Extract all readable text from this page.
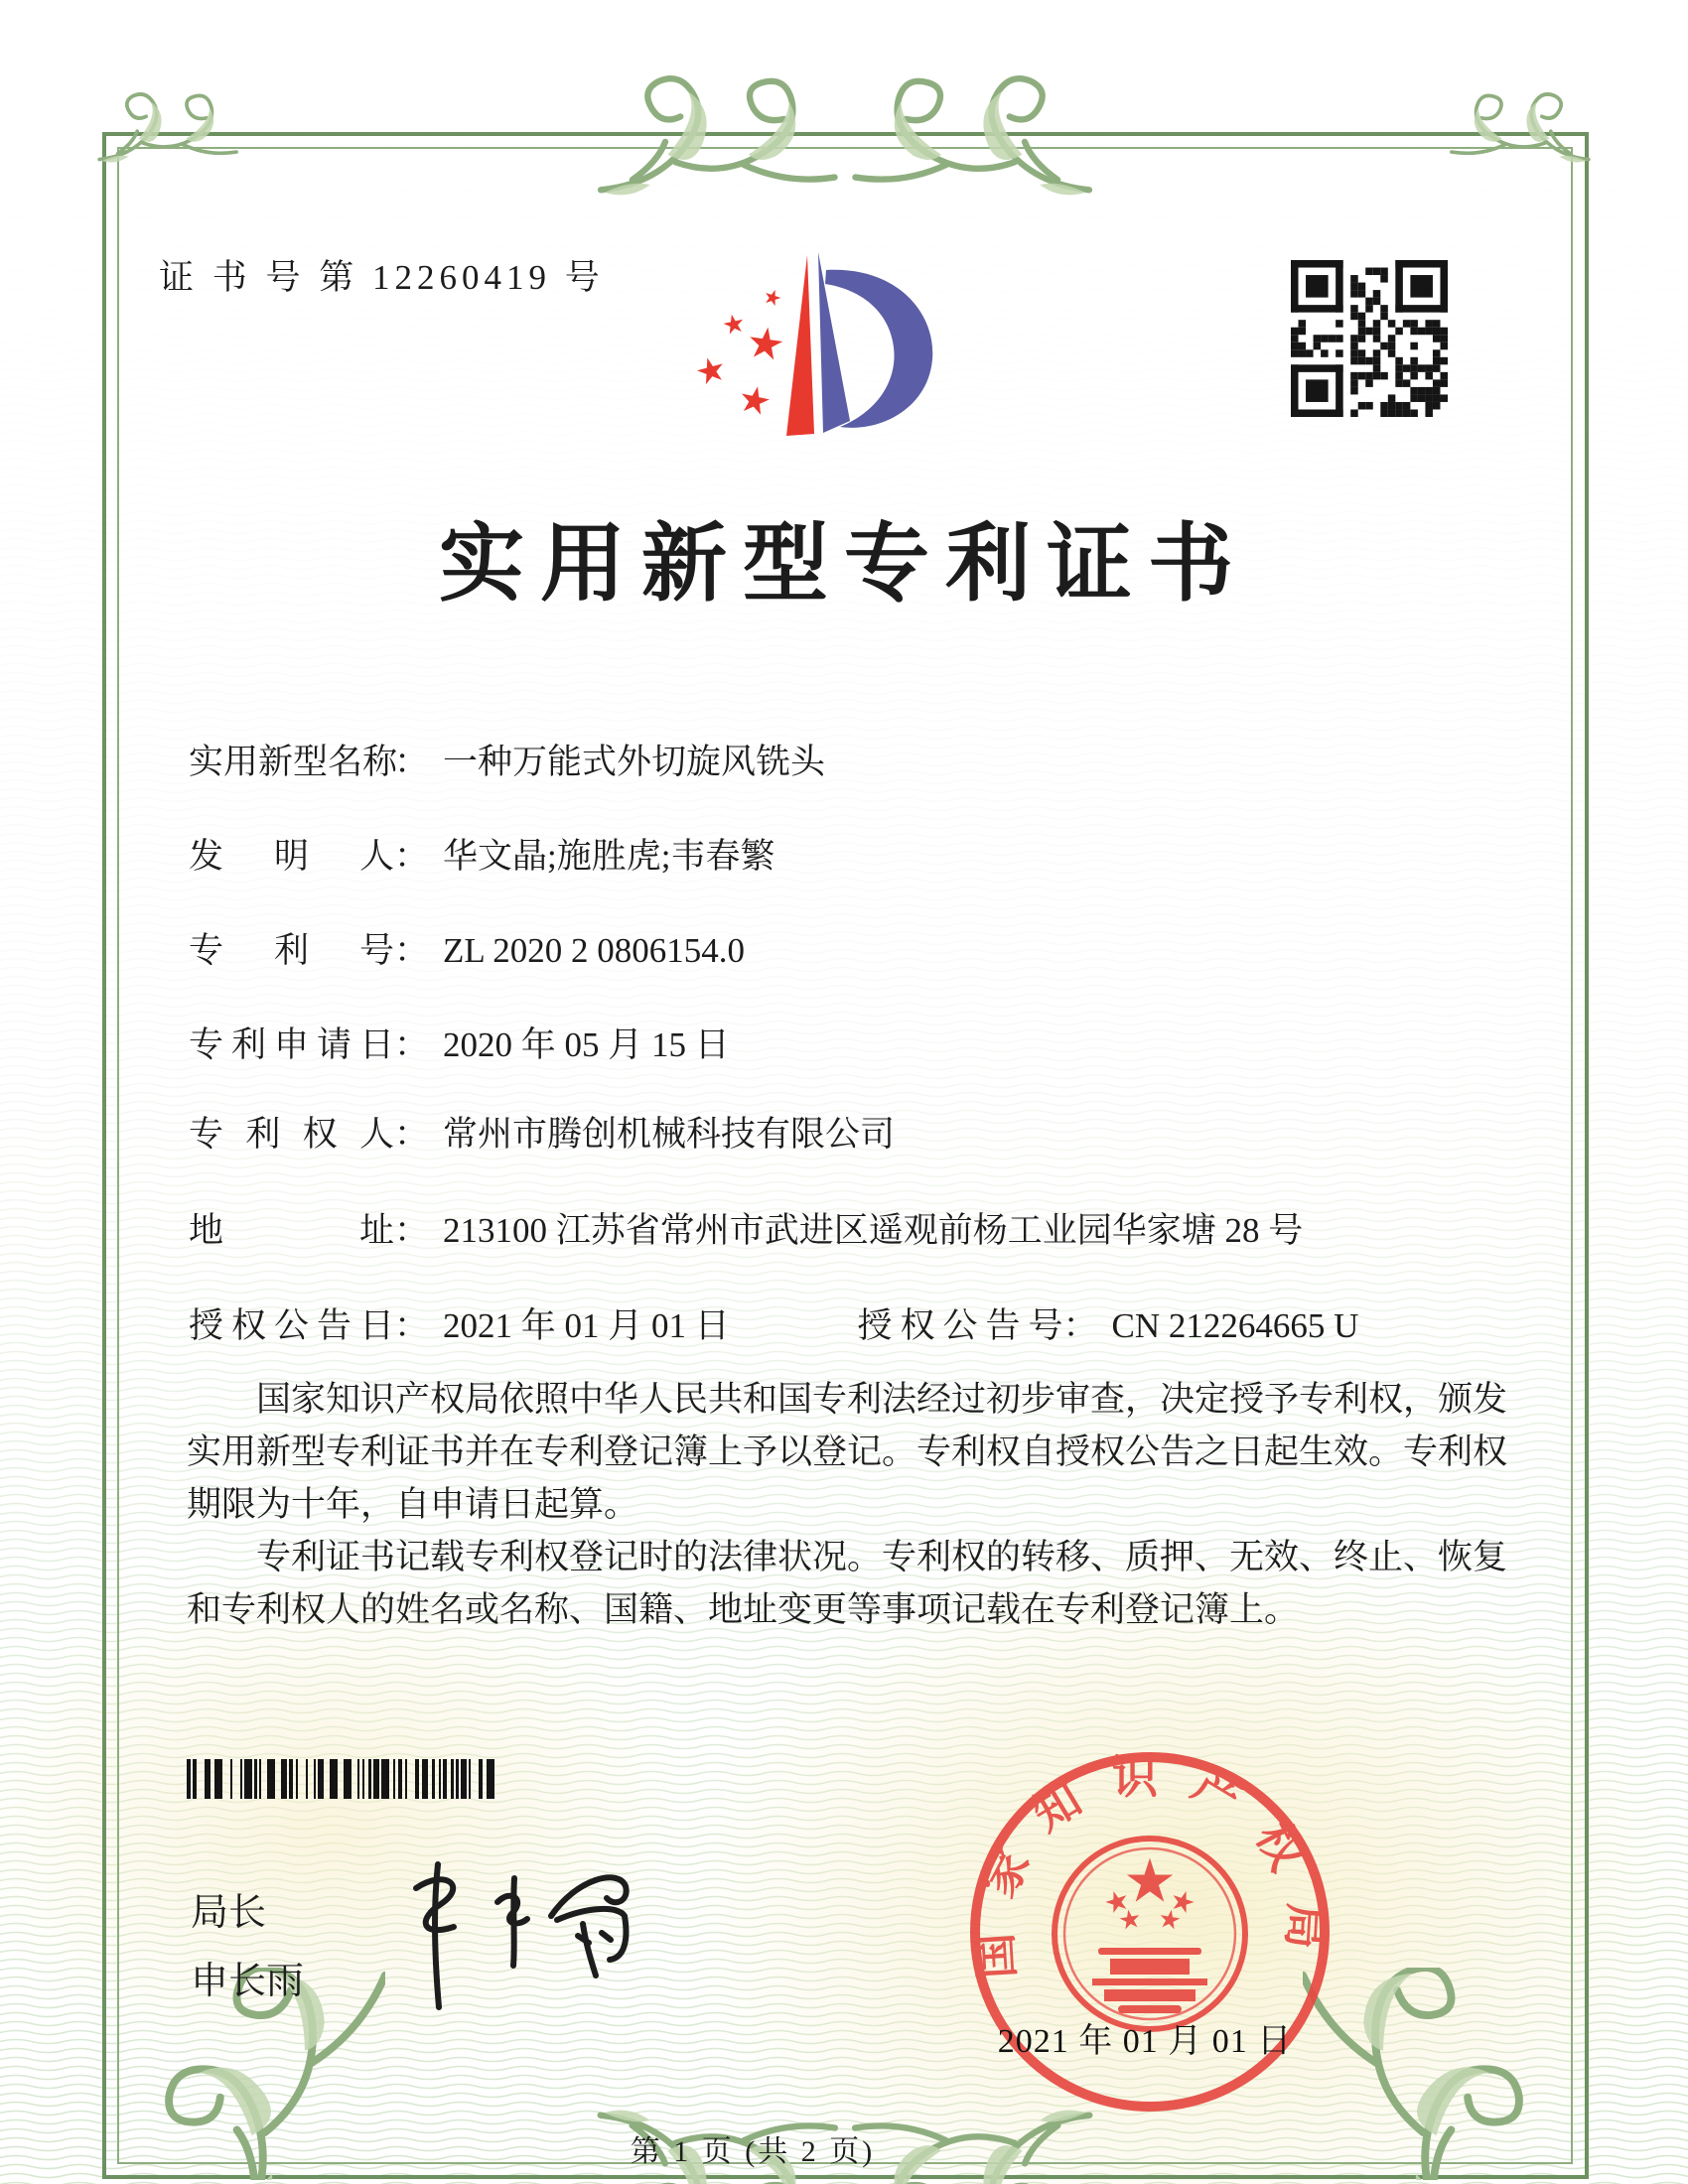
证 书 号 第 12260419 号
实用新型专利证书
实 用 新 型 名 称
： 一种万能式外切旋风铣头
发 明 人 ： 华文晶;施胜虎;韦春繁
专 利 号 ： ZL 2020 2 0806154.0
专 利 申 请 日 ： 2020 年 05 月 15 日
专 利 权 人 ： 常州市腾创机械科技有限公司
地	址 ： 213100 江苏省常州市武进区遥观前杨工业园华家塘 28 号
授 权 公 告 日 ： 2021 年 01 月 01 日	授 权 公 告 号 ： CN 212264665 U

国家知识产权局依照中华人民共和国专利法经过初步审查，决定授予专利权，颁发实用新型专利证书并在专利登记簿上予以登记。专利权自授权公告之日起生效。专利权期限为十年，自申请日起算。

专利证书记载专利权登记时的法律状况。专利权的转移、质押、无效、终止、恢复和专利权人的姓名或名称、国籍、地址变更等事项记载在专利登记簿上。

局长
申长雨
国家知识产权局
2021 年 01 月 01 日
第 1 页 (共 2 页)
